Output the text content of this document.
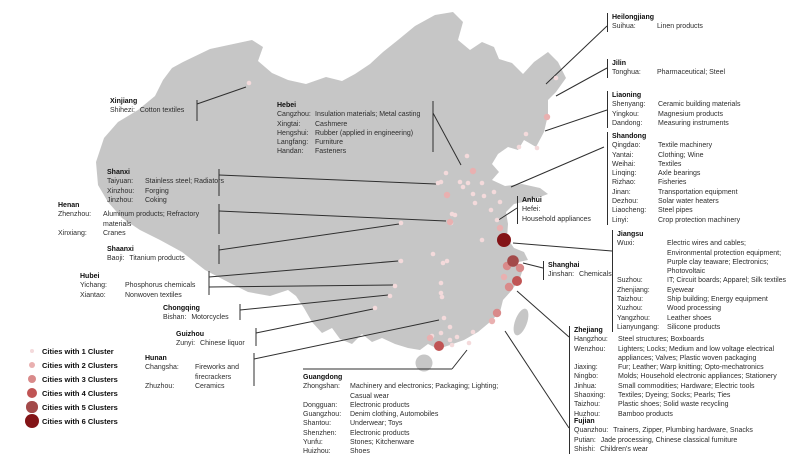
Heilongjiang
Suihua:	Linen products
Jilin
Tonghua:	Pharmaceutical; Steel
Liaoning
Shenyang:	Ceramic building materials
Yingkou:	Magnesium products
Dandong:	Measuring instruments
Shandong
Qingdao:	Textile machinery
Yantai:	Clothing; Wine
Weihai:	Textiles
Linqing:	Axle bearings
Rizhao:	Fisheries
Jinan:	Transportation equipment
Dezhou:	Solar water heaters
Liaocheng:	Steel pipes
Linyi:	Crop protection machinery
Jiangsu
Wuxi:	Electric wires and cables; Environmental protection equipment; Purple clay teaware; Electronics; Photovoltaic
Suzhou:	IT; Circuit boards; Apparel; Silk textiles
Zhenjiang:	Eyewear
Taizhou:	Ship building; Energy equipment
Xuzhou:	Wood processing
Yangzhou:	Leather shoes
Lianyungang:	Silicone products
Anhui
Hefei:
Household appliances
Shanghai
Jinshan: Chemicals
Zhejiang
Hangzhou:	Steel structures; Boxboards
Wenzhou:	Lighters; Locks; Medium and low voltage electrical appliances; Valves; Plastic woven packaging
Jiaxing:	Fur; Leather; Warp knitting; Opto-mechatronics
Ningbo:	Molds; Household electronic appliances; Stationery
Jinhua:	Small commodities; Hardware; Electric tools
Shaoxing:	Textiles; Dyeing; Socks; Pearls; Ties
Taizhou:	Plastic shoes; Solid waste recycling
Huzhou:	Bamboo products
Fujian
Quanzhou: Trainers, Zipper, Plumbing hardware, Snacks
Putian: Jade processing, Chinese classical furniture
Shishi: Children's wear
Xinjiang
Shihezi: Cotton textiles
Hebei
Cangzhou: Insulation materials; Metal casting
Xingtai:	Cashmere
Hengshui: Rubber (applied in engineering)
Langfang: Furniture
Handan:	Fasteners
Shanxi
Taiyuan:	Stainless steel; Radiators
Xinzhou:	Forging
Jinzhou:	Coking
Henan
Zhenzhou:	Aluminum products; Refractory materials
Xinxiang:	Cranes
Shaanxi
Baoji: Titanium products
Hubei
Yichang:	Phosphorus chemicals
Xiantao:	Nonwoven textiles
Chongqing
Bishan: Motorcycles
Guizhou
Zunyi: Chinese liquor
Hunan
Changsha:	Fireworks and firecrackers
Zhuzhou:	Ceramics
Guangdong
Zhongshan:	Machinery and electronics; Packaging; Lighting; Casual wear
Dongguan:	Electronic products
Guangzhou:	Denim clothing, Automobiles
Shantou:	Underwear; Toys
Shenzhen:	Electronic products
Yunfu:	Stones; Kitchenware
Huizhou:	Shoes
Cities with 1 Cluster
Cities with 2 Clusters
Cities with 3 Clusters
Cities with 4 Clusters
Cities with 5 Clusters
Cities with 6 Clusters
